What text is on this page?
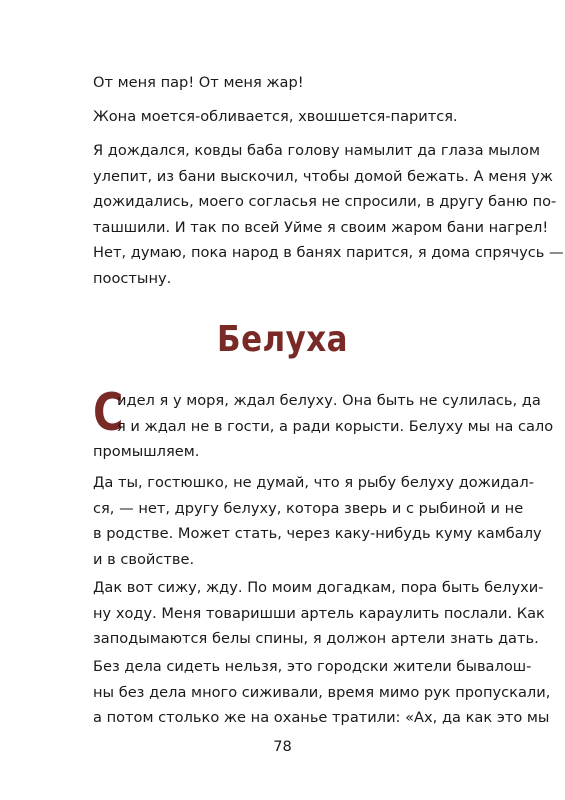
От меня пар! От меня жар!

Жона моется-обливается, хвошшется-парится.

Я дождался, ковды баба голову намылит да глаза мылом
улепит, из бани выскочил, чтобы домой бежать. А меня уж
дожидались, моего согласья не спросили, в другу баню по-
ташшили. И так по всей Уйме я своим жаром бани нагрел!
Нет, думаю, пока народ в банях парится, я дома спрячусь —
поостыну.

Белуха
С

идел я у моря, ждал белуху. Она быть не сулилась, да
я и ждал не в гости, а ради корысти. Белуху мы на сало
промышляем.

Да ты, гостюшко, не думай, что я рыбу белуху дожидал-
ся, — нет, другу белуху, котора зверь и с рыбиной и не
в родстве. Может стать, через каку-нибудь куму камбалу
и в свойстве.

Дак вот сижу, жду. По моим догадкам, пора быть белухи-
ну ходу. Меня товаришши артель караулить послали. Как
заподымаются белы спины, я должон артели знать дать.

Без дела сидеть нельзя, это городски жители бывалош-
ны без дела много сиживали, время мимо рук пропускали,
а потом столько же на оханье тратили: «Ах, да как это мы

78
